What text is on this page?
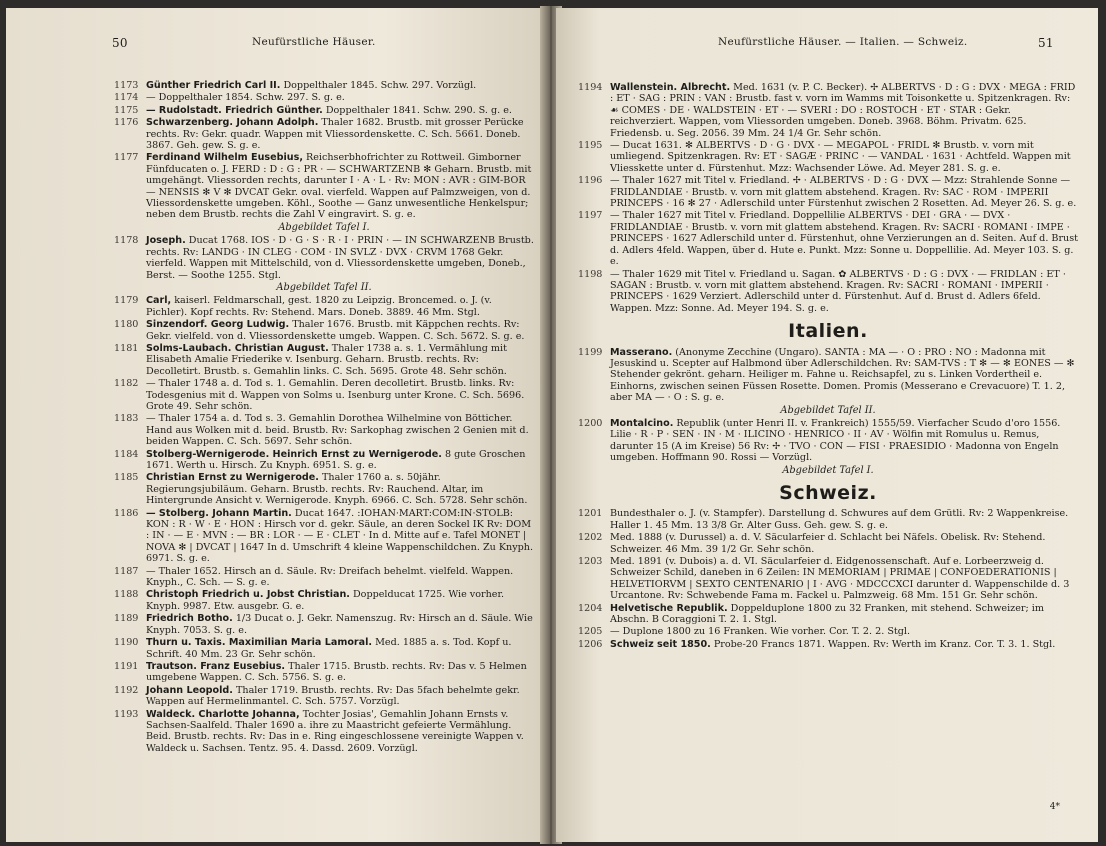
50	Neufürstliche Häuser.
1173 Günther Friedrich Carl II. Doppelthaler 1845. Schw. 297. Vorzügl.
1174 — Doppelthaler 1854. Schw. 297. S. g. e.
1175 — Rudolstadt. Friedrich Günther. Doppelthaler 1841. Schw. 290. S. g. e.
1176 Schwarzenberg. Johann Adolph. Thaler 1682. Brustb. mit grosser Perücke rechts. Rv: Gekr. quadr. Wappen mit Vliessordenskette. C. Sch. 5661. Doneb. 3867. Geh. gew. S. g. e.
1177 Ferdinand Wilhelm Eusebius, Reichserbhofrichter zu Rottweil. Gimborner Fünfducaten o. J. FERD : D : G : PR · — SCHWARTZENB ✻ Geharn. Brustb. mit umgehängt. Vliessorden rechts, darunter I · A · L · Rv: MON : AVR : GIM-BOR — NENSIS ✻ V ✻ DVCAT Gekr. oval. vierfeld. Wappen auf Palmzweigen, von d. Vliessordenskette umgeben. Köhl., Soothe — Ganz unwesentliche Henkelspur; neben dem Brustb. rechts die Zahl V eingravirt. S. g. e.
Abgebildet Tafel I.
1178 Joseph. Ducat 1768. IOS · D · G · S · R · I · PRIN · — IN SCHWARZENB Brustb. rechts. Rv: LANDG · IN CLEG · COM · IN SVLZ · DVX · CRVM 1768 Gekr. vierfeld. Wappen mit Mittelschild, von d. Vliessordenskette umgeben, Doneb., Berst. — Soothe 1255. Stgl.
Abgebildet Tafel II.
1179 Carl, kaiserl. Feldmarschall, gest. 1820 zu Leipzig. Broncemed. o. J. (v. Pichler). Kopf rechts. Rv: Stehend. Mars. Doneb. 3889. 46 Mm. Stgl.
1180 Sinzendorf. Georg Ludwig. Thaler 1676. Brustb. mit Käppchen rechts. Rv: Gekr. vielfeld. von d. Vliessordenskette umgeb. Wappen. C. Sch. 5672. S. g. e.
1181 Solms-Laubach. Christian August. Thaler 1738 a. s. 1. Vermählung mit Elisabeth Amalie Friederike v. Isenburg. Geharn. Brustb. rechts. Rv: Decolletirt. Brustb. s. Gemahlin links. C. Sch. 5695. Grote 48. Sehr schön.
1182 — Thaler 1748 a. d. Tod s. 1. Gemahlin. Deren decolletirt. Brustb. links. Rv: Todesgenius mit d. Wappen von Solms u. Isenburg unter Krone. C. Sch. 5696. Grote 49. Sehr schön.
1183 — Thaler 1754 a. d. Tod s. 3. Gemahlin Dorothea Wilhelmine von Bötticher. Hand aus Wolken mit d. beid. Brustb. Rv: Sarkophag zwischen 2 Genien mit d. beiden Wappen. C. Sch. 5697. Sehr schön.
1184 Stolberg-Wernigerode. Heinrich Ernst zu Wernigerode. 8 gute Groschen 1671. Werth u. Hirsch. Zu Knyph. 6951. S. g. e.
1185 Christian Ernst zu Wernigerode. Thaler 1760 a. s. 50jähr. Regierungsjubiläum. Geharn. Brustb. rechts. Rv: Rauchend. Altar, im Hintergrunde Ansicht v. Wernigerode. Knyph. 6966. C. Sch. 5728. Sehr schön.
1186 — Stolberg. Johann Martin. Ducat 1647. :IOHAN·MART:COM:IN·STOLB: KON : R · W · E · HON : Hirsch vor d. gekr. Säule, an deren Sockel IK Rv: DOM : IN · — E · MVN : — BR : LOR · — E · CLET · In d. Mitte auf e. Tafel MONET | NOVA ✻ | DVCAT | 1647 In d. Umschrift 4 kleine Wappenschildchen. Zu Knyph. 6971. S. g. e.
1187 — Thaler 1652. Hirsch an d. Säule. Rv: Dreifach behelmt. vielfeld. Wappen. Knyph., C. Sch. — S. g. e.
1188 Christoph Friedrich u. Jobst Christian. Doppelducat 1725. Wie vorher. Knyph. 9987. Etw. ausgebr. G. e.
1189 Friedrich Botho. 1/3 Ducat o. J. Gekr. Namenszug. Rv: Hirsch an d. Säule. Wie Knyph. 7053. S. g. e.
1190 Thurn u. Taxis. Maximilian Maria Lamoral. Med. 1885 a. s. Tod. Kopf u. Schrift. 40 Mm. 23 Gr. Sehr schön.
1191 Trautson. Franz Eusebius. Thaler 1715. Brustb. rechts. Rv: Das v. 5 Helmen umgebene Wappen. C. Sch. 5756. S. g. e.
1192 Johann Leopold. Thaler 1719. Brustb. rechts. Rv: Das 5fach behelmte gekr. Wappen auf Hermelinmantel. C. Sch. 5757. Vorzügl.
1193 Waldeck. Charlotte Johanna, Tochter Josias', Gemahlin Johann Ernsts v. Sachsen-Saalfeld. Thaler 1690 a. ihre zu Maastricht gefeierte Vermählung. Beid. Brustb. rechts. Rv: Das in e. Ring eingeschlossene vereinigte Wappen v. Waldeck u. Sachsen. Tentz. 95. 4. Dassd. 2609. Vorzügl.
Neufürstliche Häuser. — Italien. — Schweiz.	51
1194 Wallenstein. Albrecht. Med. 1631 (v. P. C. Becker). ✢ ALBERTVS · D : G : DVX · MEGA : FRID : ET · SAG : PRIN : VAN : Brustb. fast v. vorn im Wamms mit Toisonkette u. Spitzenkragen. Rv: ☙ COMES · DE · WALDSTEIN · ET · — SVERI : DO : ROSTOCH · ET · STAR : Gekr. reichverziert. Wappen, vom Vliessorden umgeben. Doneb. 3968. Böhm. Privatm. 625. Friedensb. u. Seg. 2056. 39 Mm. 24 1/4 Gr. Sehr schön.
1195 — Ducat 1631. ✻ ALBERTVS · D · G · DVX · — MEGAPOL · FRIDL ✻ Brustb. v. vorn mit umliegend. Spitzenkragen. Rv: ET · SAGÆ · PRINC · — VANDAL · 1631 · Achtfeld. Wappen mit Vliesskette unter d. Fürstenhut. Mzz: Wachsender Löwe. Ad. Meyer 281. S. g. e.
1196 — Thaler 1627 mit Titel v. Friedland. ✢ · ALBERTVS · D : G · DVX — Mzz: Strahlende Sonne — FRIDLANDIAE · Brustb. v. vorn mit glattem abstehend. Kragen. Rv: SAC · ROM · IMPERII PRINCEPS · 16 ✻ 27 · Adlerschild unter Fürstenhut zwischen 2 Rosetten. Ad. Meyer 26. S. g. e.
1197 — Thaler 1627 mit Titel v. Friedland. Doppellilie ALBERTVS · DEI · GRA · — DVX · FRIDLANDIAE · Brustb. v. vorn mit glattem abstehend. Kragen. Rv: SACRI · ROMANI · IMPE · PRINCEPS · 1627 Adlerschild unter d. Fürstenhut, ohne Verzierungen an d. Seiten. Auf d. Brust d. Adlers 4feld. Wappen, über d. Hute e. Punkt. Mzz: Sonne u. Doppellilie. Ad. Meyer 103. S. g. e.
1198 — Thaler 1629 mit Titel v. Friedland u. Sagan. ✿ ALBERTVS · D : G : DVX · — FRIDLAN : ET · SAGAN : Brustb. v. vorn mit glattem abstehend. Kragen. Rv: SACRI · ROMANI · IMPERII · PRINCEPS · 1629 Verziert. Adlerschild unter d. Fürstenhut. Auf d. Brust d. Adlers 6feld. Wappen. Mzz: Sonne. Ad. Meyer 194. S. g. e.
Italien.
1199 Masserano. (Anonyme Zecchine (Ungaro). SANTA : MA — · O : PRO : NO : Madonna mit Jesuskind u. Scepter auf Halbmond über Adlerschildchen. Rv: SAM-TVS : T ✻ — ✻ EONES — ✻ Stehender gekrönt. geharn. Heiliger m. Fahne u. Reichsapfel, zu s. Linken Vordertheil e. Einhorns, zwischen seinen Füssen Rosette. Domen. Promis (Messerano e Crevacuore) T. 1. 2, aber MA — · O : S. g. e.
Abgebildet Tafel II.
1200 Montalcino. Republik (unter Henri II. v. Frankreich) 1555/59. Vierfacher Scudo d'oro 1556. Lilie · R · P · SEN · IN · M · ILICINO · HENRICO · II · AV · Wölfin mit Romulus u. Remus, darunter 15 (A im Kreise) 56 Rv: ✢ · TVO · CON — FISI · PRAESIDIO · Madonna von Engeln umgeben. Hoffmann 90. Rossi — Vorzügl.
Abgebildet Tafel I.
Schweiz.
1201 Bundesthaler o. J. (v. Stampfer). Darstellung d. Schwures auf dem Grütli. Rv: 2 Wappenkreise. Haller 1. 45 Mm. 13 3/8 Gr. Alter Guss. Geh. gew. S. g. e.
1202 Med. 1888 (v. Durussel) a. d. V. Säcularfeier d. Schlacht bei Näfels. Obelisk. Rv: Stehend. Schweizer. 46 Mm. 39 1/2 Gr. Sehr schön.
1203 Med. 1891 (v. Dubois) a. d. VI. Säcularfeier d. Eidgenossenschaft. Auf e. Lorbeerzweig d. Schweizer Schild, daneben in 6 Zeilen: IN MEMORIAM | PRIMAE | CONFOEDERATIONIS | HELVETIORVM | SEXTO CENTENARIO | I · AVG · MDCCCXCI darunter d. Wappenschilde d. 3 Urcantone. Rv: Schwebende Fama m. Fackel u. Palmzweig. 68 Mm. 151 Gr. Sehr schön.
1204 Helvetische Republik. Doppelduplone 1800 zu 32 Franken, mit stehend. Schweizer; im Abschn. B Coraggioni T. 2. 1. Stgl.
1205 — Duplone 1800 zu 16 Franken. Wie vorher. Cor. T. 2. 2. Stgl.
1206 Schweiz seit 1850. Probe-20 Francs 1871. Wappen. Rv: Werth im Kranz. Cor. T. 3. 1. Stgl.
4*
